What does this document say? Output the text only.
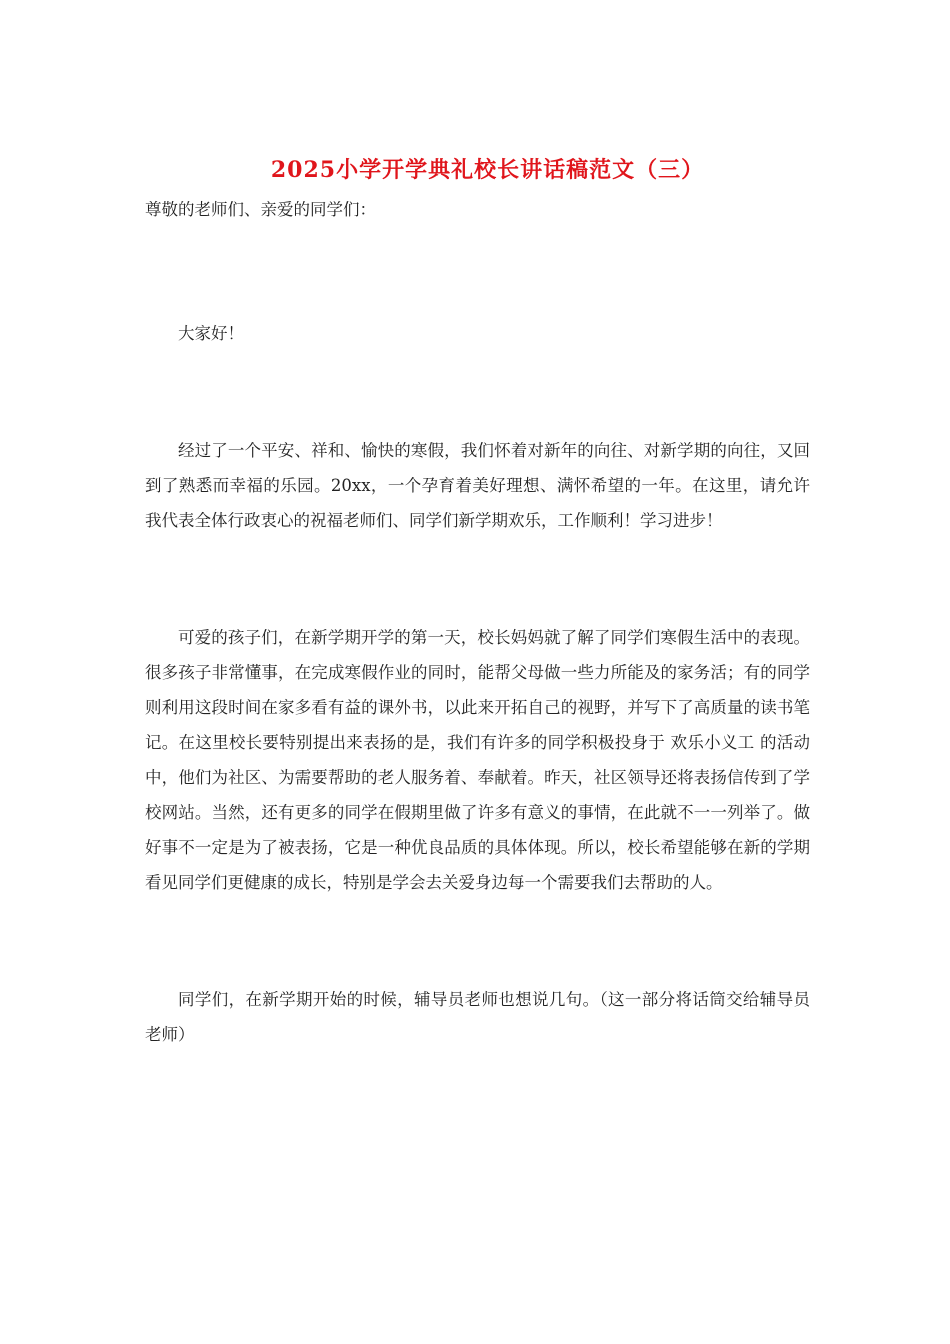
2025小学开学典礼校长讲话稿范文（三）

尊敬的老师们、亲爱的同学们：

大家好！

经过了一个平安、祥和、愉快的寒假，我们怀着对新年的向往、对新学期的向往，又回到了熟悉而幸福的乐园。20xx，一个孕育着美好理想、满怀希望的一年。在这里，请允许我代表全体行政衷心的祝福老师们、同学们新学期欢乐，工作顺利！学习进步！

可爱的孩子们，在新学期开学的第一天，校长妈妈就了解了同学们寒假生活中的表现。很多孩子非常懂事，在完成寒假作业的同时，能帮父母做一些力所能及的家务活；有的同学则利用这段时间在家多看有益的课外书，以此来开拓自己的视野，并写下了高质量的读书笔记。在这里校长要特别提出来表扬的是，我们有许多的同学积极投身于 欢乐小义工 的活动中，他们为社区、为需要帮助的老人服务着、奉献着。昨天，社区领导还将表扬信传到了学校网站。当然，还有更多的同学在假期里做了许多有意义的事情，在此就不一一列举了。做好事不一定是为了被表扬，它是一种优良品质的具体体现。所以，校长希望能够在新的学期看见同学们更健康的成长，特别是学会去关爱身边每一个需要我们去帮助的人。

同学们，在新学期开始的时候，辅导员老师也想说几句。（这一部分将话筒交给辅导员老师）
